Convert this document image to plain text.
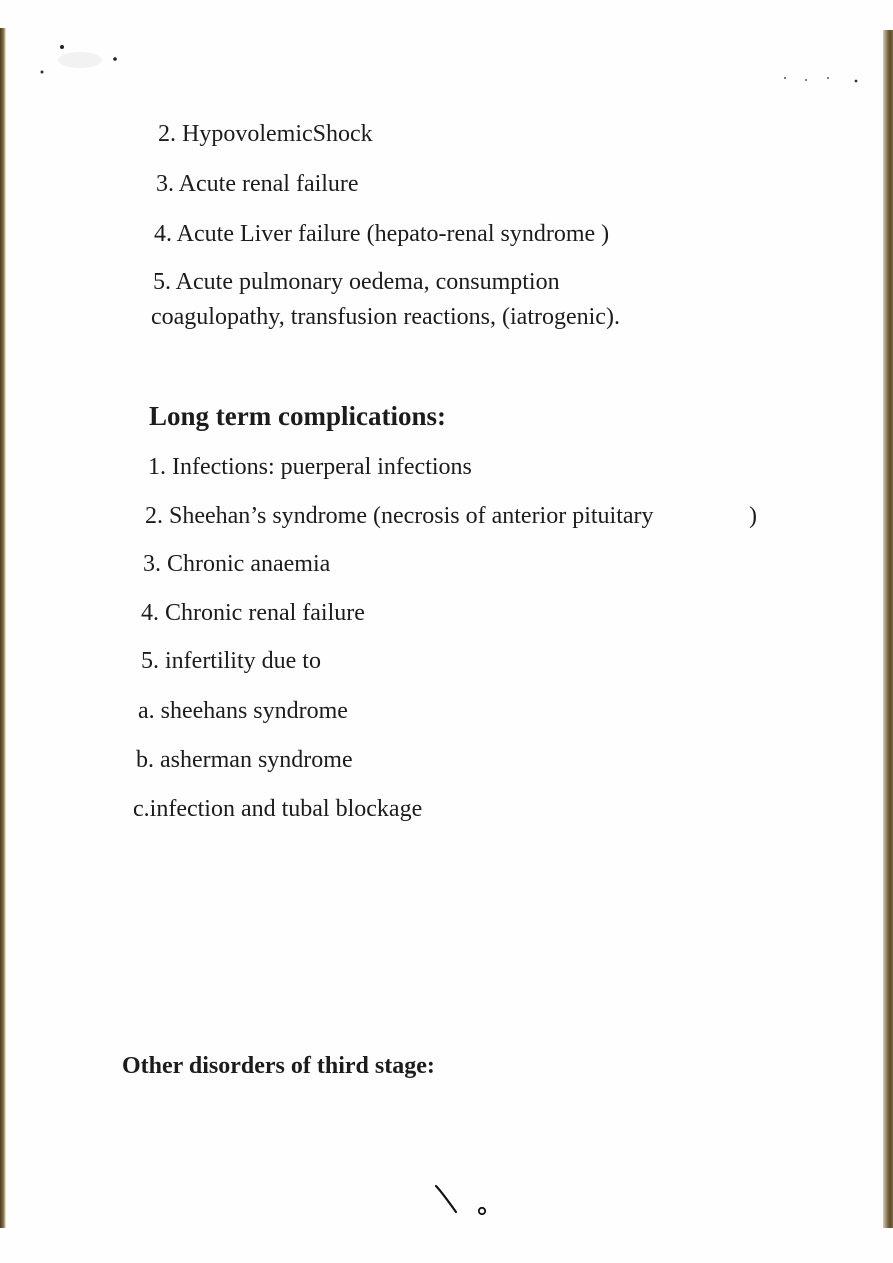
2. HypovolemicShock
3. Acute renal failure
4. Acute Liver failure (hepato-renal syndrome )
5. Acute pulmonary oedema, consumption
coagulopathy, transfusion reactions, (iatrogenic).
Long term complications:
1. Infections: puerperal infections
2. Sheehan’s syndrome (necrosis of anterior pituitary	)
3. Chronic anaemia
4. Chronic renal failure
5. infertility due to
a. sheehans syndrome
b. asherman syndrome
c.infection and tubal blockage
Other disorders of third stage:
